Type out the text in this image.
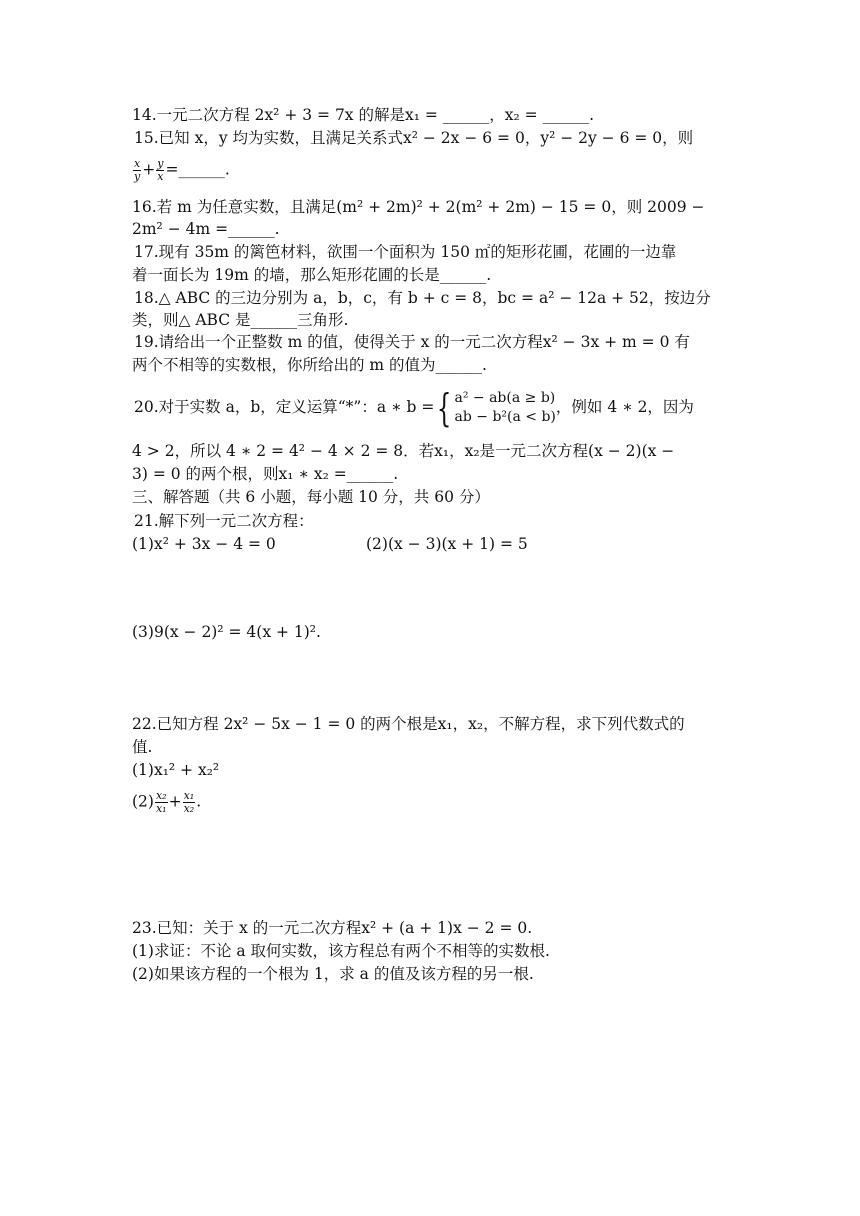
14.一元二次方程 2x² + 3 = 7x 的解是x₁ = ______，x₂ = ______.
15.已知 x，y 均为实数，且满足关系式x² − 2x − 6 = 0，y² − 2y − 6 = 0，则
$\frac{x}{y} + \frac{y}{x}$ =______.
16.若 m 为任意实数，且满足(m² + 2m)² + 2(m² + 2m) − 15 = 0，则 2009 −
2m² − 4m =______.
17.现有 35m 的篱笆材料，欲围一个面积为 150 ㎡的矩形花圃，花圃的一边靠
着一面长为 19m 的墙，那么矩形花圃的长是______.
18.△ ABC 的三边分别为 a，b，c，有 b + c = 8，bc = a² − 12a + 52，按边分
类，则△ ABC 是______三角形.
19.请给出一个正整数 m 的值，使得关于 x 的一元二次方程x² − 3x + m = 0 有
两个不相等的实数根，你所给出的 m 的值为______.
20.对于实数 a，b，定义运算“*”：a ∗ b ={ a² − ab(a ≥ b)
ab − b²(a < b)
，例如 4 ∗ 2，因为
4 > 2，所以 4 ∗ 2 = 4² − 4 × 2 = 8．若x₁，x₂是一元二次方程(x − 2)(x −
3) = 0 的两个根，则x₁ ∗ x₂ =______.
三、解答题（共 6 小题，每小题 10 分，共 60 分）
21.解下列一元二次方程：
(1)x² + 3x − 4 = 0	(2)(x − 3)(x + 1) = 5
(3)9(x − 2)² = 4(x + 1)².
22.已知方程 2x² − 5x − 1 = 0 的两个根是x₁，x₂，不解方程，求下列代数式的
值.
(1)x₁² + x₂²
$(2) \frac{\text{x₂}}{\text{x₁}} + \frac{\text{x₁}}{\text{x₂}}$ .
23.已知：关于 x 的一元二次方程x² + (a + 1)x − 2 = 0.
(1)求证：不论 a 取何实数，该方程总有两个不相等的实数根.
(2)如果该方程的一个根为 1，求 a 的值及该方程的另一根.
